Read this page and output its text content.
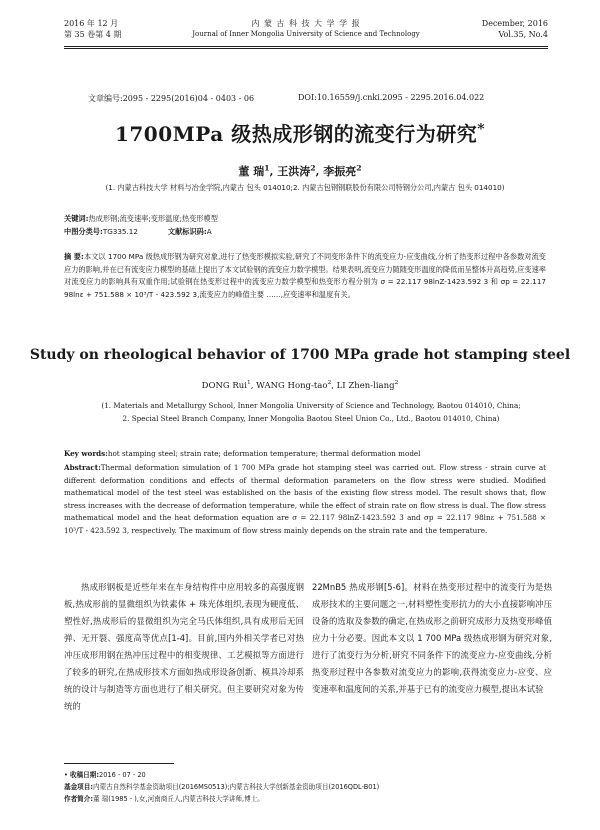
2016 年 12 月
第 35 卷第 4 期
内 蒙 古 科 技 大 学 学 报
Journal of Inner Mongolia University of Science and Technology
December, 2016
Vol.35, No.4
文章编号:2095 - 2295(2016)04 - 0403 - 06	DOI:10.16559/j.cnki.2095 - 2295.2016.04.022
1700MPa 级热成形钢的流变行为研究*
董 瑞$^1$, 王洪涛$^2$, 李振亮$^2$
(1. 内蒙古科技大学 材料与冶金学院,内蒙古 包头 014010;2. 内蒙古包钢钢联股份有限公司特钢分公司,内蒙古 包头 014010)
关键词:热成形钢;流变速率;变形温度;热变形模型
中图分类号:TG335.12	文献标识码:A
摘 要:本文以 1700 MPa 级热成形钢为研究对象,进行了热变形模拟实验,研究了不同变形条件下的流变应力-应变曲线,分析了热变形过程中各参数对流变应力的影响,并在已有流变应力模型的基础上提出了本文试验钢的流变应力数学模型。结果表明,流变应力随随变形温度的降低而呈整体升高趋势,应变速率对流变应力的影响具有双重作用;试验钢在热变形过程中的流变应力数学模型和热变形方程分别为 σ = 22.117 98lnZ-1423.592 3 和 σp = 22.117 98lnε + 751.588 × 10³/T - 423.592 3,流变应力的峰值主要 ……,应变速率和温度有关。
Study on rheological behavior of 1700 MPa grade hot stamping steel
DONG Rui$^1$, WANG Hong-tao$^2$, LI Zhen-liang$^2$
(1. Materials and Metallurgy School, Inner Mongolia University of Science and Technology, Baotou 014010, China;
2. Special Steel Branch Company, Inner Mongolia Baotou Steel Union Co., Ltd., Baotou 014010, China)
Key words:hot stamping steel; strain rate; deformation temperature; thermal deformation model
Abstract:Thermal deformation simulation of 1 700 MPa grade hot stamping steel was carried out. Flow stress - strain curve at different deformation conditions and effects of thermal deformation parameters on the flow stress were studied. Modified mathematical model of the test steel was established on the basis of the existing flow stress model. The result shows that, flow stress increases with the decrease of deformation temperature, while the effect of strain rate on flow stress is dual. The flow stress mathematical model and the heat deformation equation are σ = 22.117 98lnZ-1423.592 3 and σp = 22.117 98lnε + 751.588 × 10³/T - 423.592 3, respectively. The maximum of flow stress mainly depends on the strain rate and the temperature.
热成形钢板是近些年来在车身结构件中应用较多的高强度钢板,热成形前的显微组织为铁素体 + 珠光体组织,表现为硬度低、塑性好,热成形后的显微组织为完全马氏体组织,具有成形后无回弹、无开裂、强度高等优点[1-4]。目前,国内外相关学者已对热冲压成形用钢在热冲压过程中的相变规律、工艺模拟等方面进行了较多的研究,在热成形技术方面如热成形设备创新、模具冷却系统的设计与制造等方面也进行了相关研究。但主要研究对象为传统的
22MnB5 热成形钢[5-6]。材料在热变形过程中的流变行为是热成形技术的主要问题之一,材料塑性变形抗力的大小直接影响冲压设备的选取及参数的确定,在热成形之前研究成形力及热变形峰值应力十分必要。因此本文以 1 700 MPa 级热成形钢为研究对象,进行了流变行为分析,研究不同条件下的流变应力-应变曲线,分析热变形过程中各参数对流变应力的影响,获得流变应力-应变、应变速率和温度间的关系,并基于已有的流变应力模型,提出本试验
• 收稿日期:2016 - 07 - 20
基金项目:内蒙古自然科学基金资助项目(2016MS0513);内蒙古科技大学创新基金资助项目(2016QDL-B01)
作者简介:董 瑞(1985 - ),女,河南商丘人,内蒙古科技大学讲师,博士。
